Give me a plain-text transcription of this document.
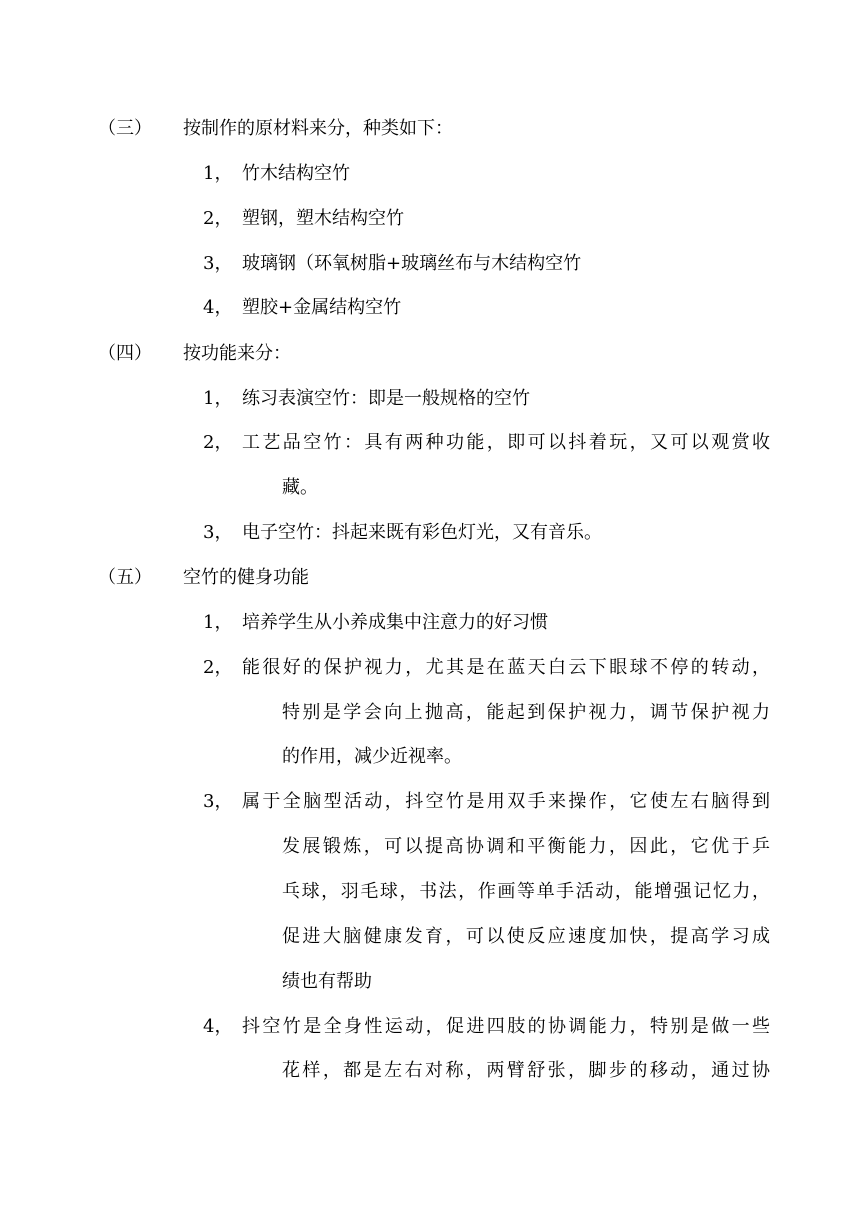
（三） 按制作的原材料来分，种类如下：
1， 竹木结构空竹
2， 塑钢，塑木结构空竹
3， 玻璃钢（环氧树脂+玻璃丝布与木结构空竹
4， 塑胶+金属结构空竹
（四） 按功能来分：
1， 练习表演空竹：即是一般规格的空竹
2， 工艺品空竹：具有两种功能，即可以抖着玩，又可以观赏收
藏。
3， 电子空竹：抖起来既有彩色灯光，又有音乐。
（五） 空竹的健身功能
1， 培养学生从小养成集中注意力的好习惯
2， 能很好的保护视力，尤其是在蓝天白云下眼球不停的转动，
特别是学会向上抛高，能起到保护视力，调节保护视力
的作用，减少近视率。
3， 属于全脑型活动，抖空竹是用双手来操作，它使左右脑得到
发展锻炼，可以提高协调和平衡能力，因此，它优于乒
乓球，羽毛球，书法，作画等单手活动，能增强记忆力，
促进大脑健康发育，可以使反应速度加快，提高学习成
绩也有帮助
4， 抖空竹是全身性运动，促进四肢的协调能力，特别是做一些
花样，都是左右对称，两臂舒张，脚步的移动，通过协
